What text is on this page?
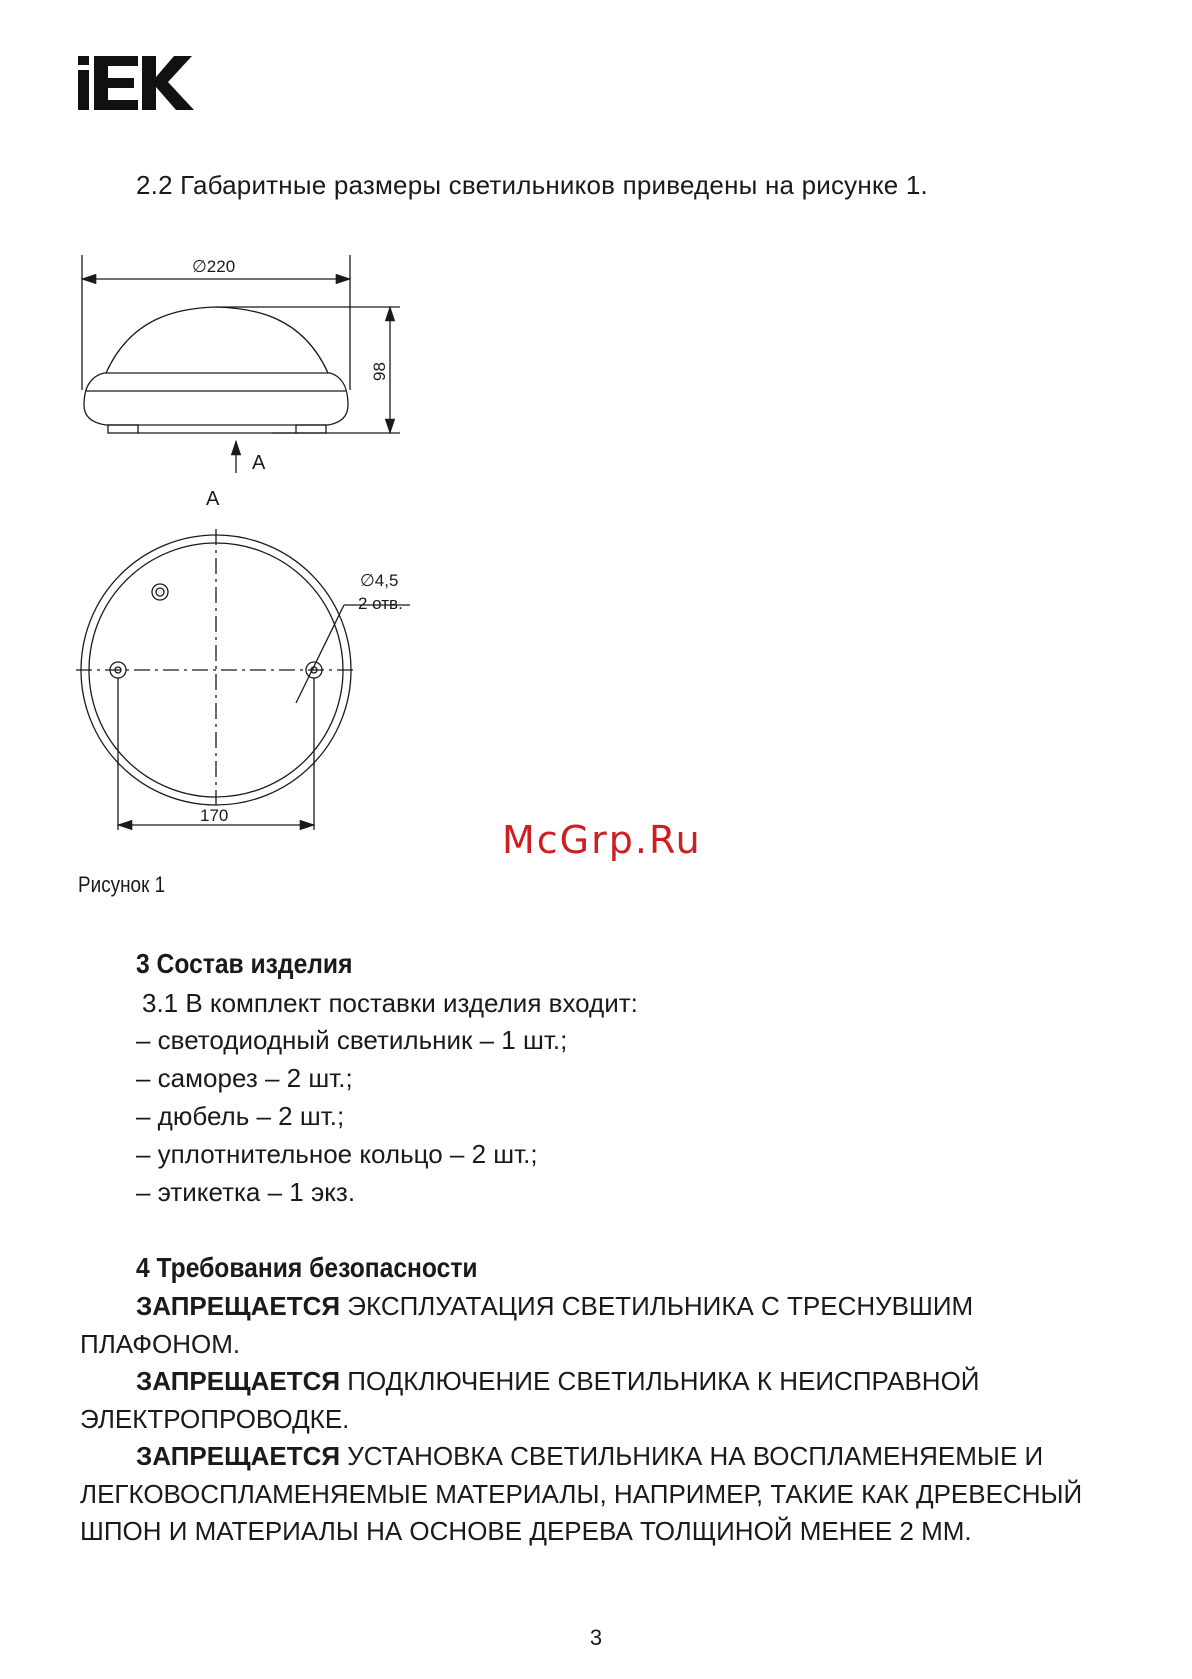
2.2 Габаритные размеры светильников приведены на рисунке 1.
∅220
98
A
A
∅4,5
2 отв.
170
McGrp.Ru
Рисунок 1
3 Состав изделия
3.1 В комплект поставки изделия входит:
– светодиодный светильник – 1 шт.;
– саморез – 2 шт.;
– дюбель – 2 шт.;
– уплотнительное кольцо – 2 шт.;
– этикетка – 1 экз.
4 Требования безопасности

ЗАПРЕЩАЕТСЯ ЭКСПЛУАТАЦИЯ СВЕТИЛЬНИКА С ТРЕСНУВШИМ ПЛАФОНОМ.

ЗАПРЕЩАЕТСЯ ПОДКЛЮЧЕНИЕ СВЕТИЛЬНИКА К НЕИСПРАВНОЙ ЭЛЕКТРОПРОВОДКЕ.

ЗАПРЕЩАЕТСЯ УСТАНОВКА СВЕТИЛЬНИКА НА ВОСПЛАМЕНЯЕМЫЕ И ЛЕГКОВОСПЛАМЕНЯЕМЫЕ МАТЕРИАЛЫ, НАПРИМЕР, ТАКИЕ КАК ДРЕВЕСНЫЙ ШПОН И МАТЕРИАЛЫ НА ОСНОВЕ ДЕРЕВА ТОЛЩИНОЙ МЕНЕЕ 2 ММ.

3
